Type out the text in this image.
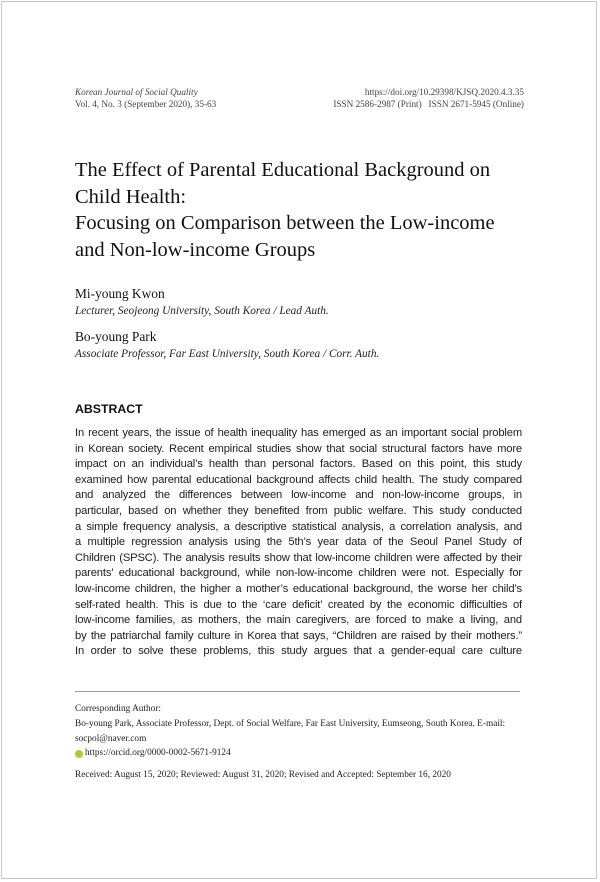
Korean Journal of Social Quality
Vol. 4, No. 3 (September 2020), 35-63
https://doi.org/10.29398/KJSQ.2020.4.3.35
ISSN 2586-2987 (Print)   ISSN 2671-5945 (Online)
The Effect of Parental Educational Background on
Child Health:
Focusing on Comparison between the Low-income
and Non-low-income Groups
Mi-young Kwon
Lecturer, Seojeong University, South Korea / Lead Auth.
Bo-young Park
Associate Professor, Far East University, South Korea / Corr. Auth.
ABSTRACT
In recent years, the issue of health inequality has emerged as an important social problem
in Korean society. Recent empirical studies show that social structural factors have more
impact on an individual’s health than personal factors. Based on this point, this study
examined how parental educational background affects child health. The study compared
and analyzed the differences between low-income and non-low-income groups, in
particular, based on whether they benefited from public welfare. This study conducted
a simple frequency analysis, a descriptive statistical analysis, a correlation analysis, and
a multiple regression analysis using the 5th’s year data of the Seoul Panel Study of
Children (SPSC). The analysis results show that low-income children were affected by their
parents’ educational background, while non-low-income children were not. Especially for
low-income children, the higher a mother’s educational background, the worse her child’s
self-rated health. This is due to the ‘care deficit’ created by the economic difficulties of
low-income families, as mothers, the main caregivers, are forced to make a living, and
by the patriarchal family culture in Korea that says, “Children are raised by their mothers.”
In order to solve these problems, this study argues that a gender-equal care culture
Corresponding Author:
Bo-young Park, Associate Professor, Dept. of Social Welfare, Far East University, Eumseong, South Korea. E-mail:
socpol@naver.com
https://orcid.org/0000-0002-5671-9124
Received: August 15, 2020; Reviewed: August 31, 2020; Revised and Accepted: September 16, 2020
